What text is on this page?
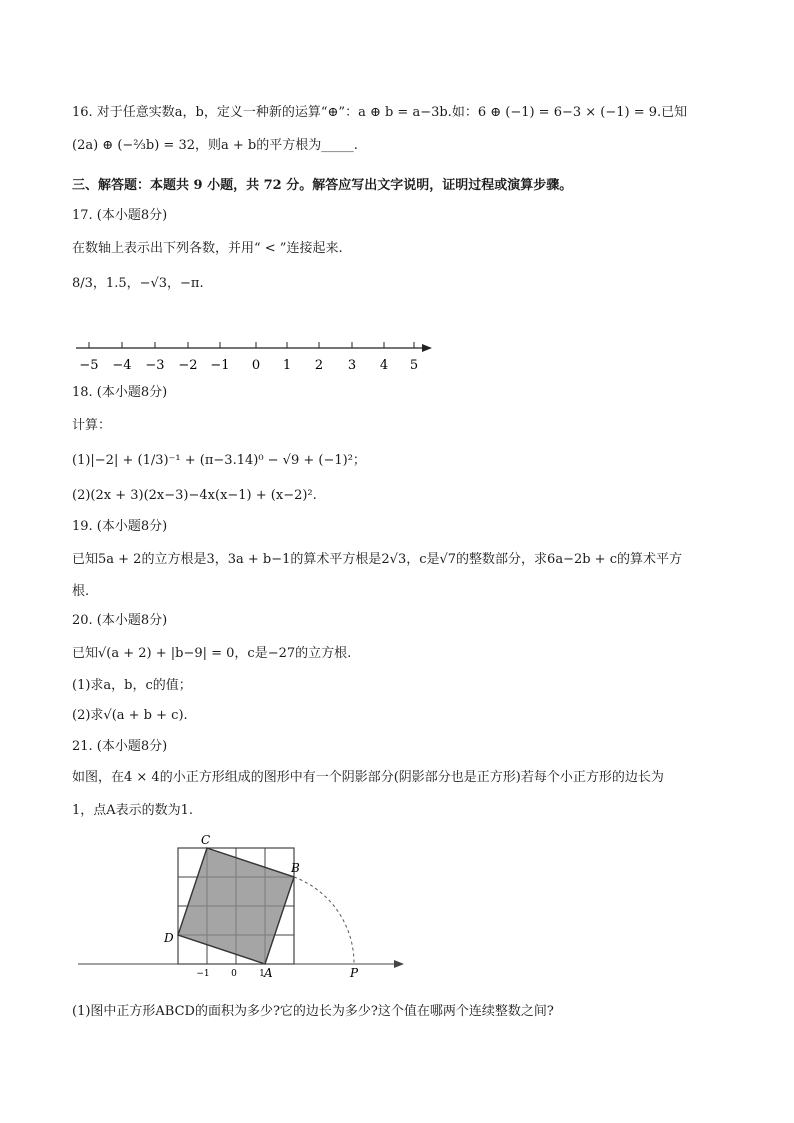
16. 对于任意实数a，b，定义一种新的运算“⊕”：a ⊕ b = a−3b.如：6 ⊕ (−1) = 6−3 × (−1) = 9.已知
(2a) ⊕ (−⅔b) = 32，则a + b的平方根为_____.
三、解答题：本题共 9 小题，共 72 分。解答应写出文字说明，证明过程或演算步骤。
17. (本小题8分)
在数轴上表示出下列各数，并用“ < ”连接起来.
8/3，1.5，−√3，−π.
−5 −4 −3 −2 −1 0 1 2 3 4 5
18. (本小题8分)
计算：
(1)|−2| + (1/3)⁻¹ + (π−3.14)⁰ − √9 + (−1)²；
(2)(2x + 3)(2x−3)−4x(x−1) + (x−2)².
19. (本小题8分)
已知5a + 2的立方根是3，3a + b−1的算术平方根是2√3，c是√7的整数部分，求6a−2b + c的算术平方
根.
20. (本小题8分)
已知√(a + 2) + |b−9| = 0，c是−27的立方根.
(1)求a，b，c的值；
(2)求√(a + b + c).
21. (本小题8分)
如图，在4 × 4的小正方形组成的图形中有一个阴影部分(阴影部分也是正方形)若每个小正方形的边长为
1，点A表示的数为1.
C
B
D
A	P
−1 0 1
(1)图中正方形ABCD的面积为多少?它的边长为多少?这个值在哪两个连续整数之间?
